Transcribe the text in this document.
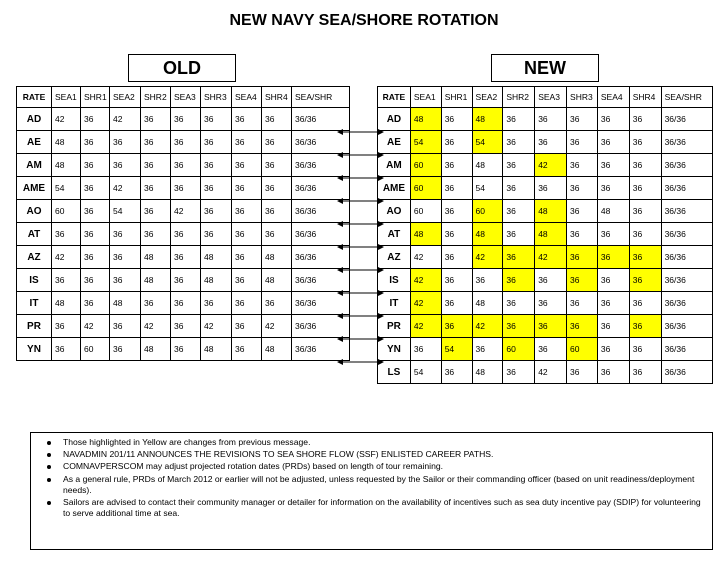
NEW NAVY SEA/SHORE ROTATION
OLD	NEW
RATE	SEA1	SHR1	SEA2	SHR2	SEA3	SHR3	SEA4	SHR4	SEA/SHR
AD	42	36	42	36	36	36	36	36	36/36
AE	48	36	36	36	36	36	36	36	36/36
AM	48	36	36	36	36	36	36	36	36/36
AME	54	36	42	36	36	36	36	36	36/36
AO	60	36	54	36	42	36	36	36	36/36
AT	36	36	36	36	36	36	36	36	36/36
AZ	42	36	36	48	36	48	36	48	36/36
IS	36	36	36	48	36	48	36	48	36/36
IT	48	36	48	36	36	36	36	36	36/36
PR	36	42	36	42	36	42	36	42	36/36
YN	36	60	36	48	36	48	36	48	36/36
RATE	SEA1	SHR1	SEA2	SHR2	SEA3	SHR3	SEA4	SHR4	SEA/SHR
AD	48	36	48	36	36	36	36	36	36/36
AE	54	36	54	36	36	36	36	36	36/36
AM	60	36	48	36	42	36	36	36	36/36
AME	60	36	54	36	36	36	36	36	36/36
AO	60	36	60	36	48	36	48	36	36/36
AT	48	36	48	36	48	36	36	36	36/36
AZ	42	36	42	36	42	36	36	36	36/36
IS	42	36	36	36	36	36	36	36	36/36
IT	42	36	48	36	36	36	36	36	36/36
PR	42	36	42	36	36	36	36	36	36/36
YN	36	54	36	60	36	60	36	36	36/36
LS	54	36	48	36	42	36	36	36	36/36
Those highlighted in Yellow are changes from previous message.
NAVADMIN 201/11 ANNOUNCES THE REVISIONS TO SEA SHORE FLOW (SSF) ENLISTED CAREER PATHS.
COMNAVPERSCOM may adjust projected rotation dates (PRDs) based on length of tour remaining.
As a general rule, PRDs of March 2012 or earlier will not be adjusted, unless requested by the Sailor or their commanding officer (based on unit readiness/deployment needs).
Sailors are advised to contact their community manager or detailer for information on the availability of incentives such as sea duty incentive pay (SDIP) for volunteering to serve additional time at sea.
